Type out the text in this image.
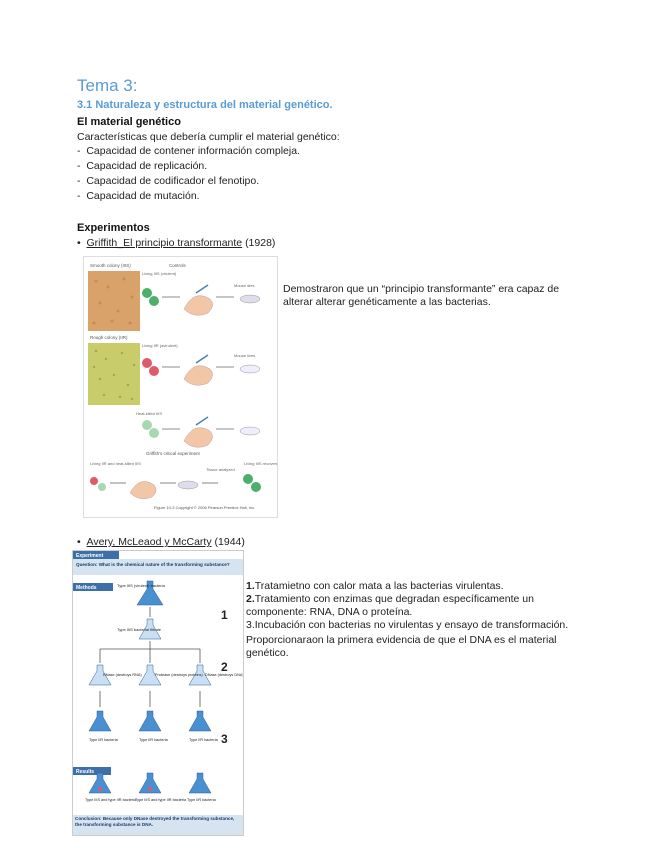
Tema 3:
3.1 Naturaleza y estructura del material genético.
El material genético
Características que debería cumplir el material genético:
-  Capacidad de contener información compleja.
-  Capacidad de replicación.
-  Capacidad de codificador el fenotipo.
-  Capacidad de mutación.
Experimentos
•  Griffith_El principio transformante (1928)
Smooth colony (IIIS)	Controls
Living IIIS (virulent)
Mouse dies
Rough colony (IIR)
Living IIR (avirulent)
Mouse lives
Heat-killed IIIS
Griffith's critical experiment
Living IIR and heat-killed IIIS
Tissue analyzed
Living IIIS recovered
Figure 10-3 Copyright © 2006 Pearson Prentice Hall, Inc.
Demostraron que un “principio transformante” era capaz de alterar alterar genéticamente a las bacterias.
•  Avery, McLeaod y McCarty (1944)
Experiment
Question: What is the chemical nature of the transforming substance?
Methods	Type IIIS (virulent) bacteria
Type IIIS bacterial filtrate
1
2
RNase (destroys RNA)	Protease (destroys proteins) DNase (destroys DNA)
3
Type IIR bacteria	Type IIR bacteria	Type IIR bacteria
Results
Type IIIS and type IIR bacteria
Type IIIS and type IIR bacteria Type IIR bacteria
Conclusion: Because only DNase destroyed the transforming substance, the transforming substance is DNA.
1.Tratamietno con calor mata a las bacterias virulentas.
2.Tratamiento con enzimas que degradan específicamente un componente: RNA, DNA o proteína.
3.Incubación con bacterias no virulentas y ensayo de transformación.
Proporcionaraon la primera evidencia de que el DNA es el material genético.
